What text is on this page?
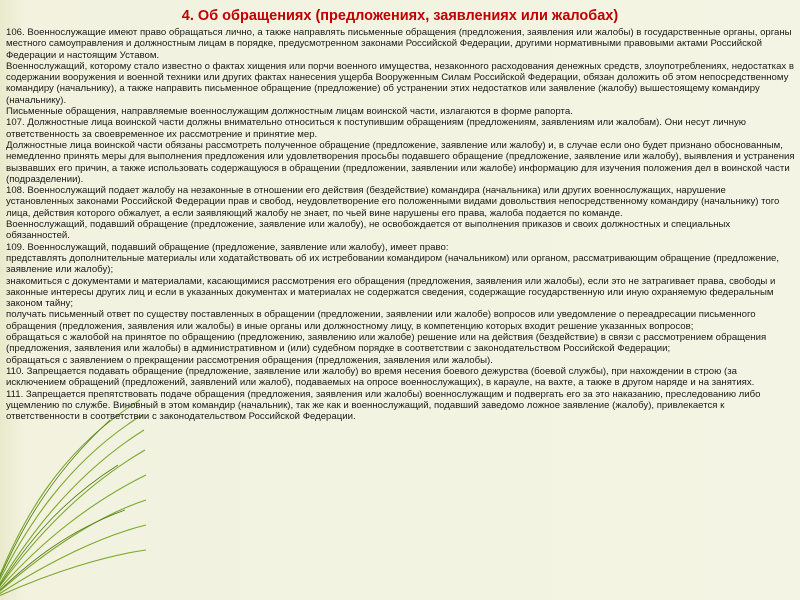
4. Об обращениях (предложениях, заявлениях или жалобах)

106. Военнослужащие имеют право обращаться лично, а также направлять письменные обращения (предложения, заявления или жалобы) в государственные органы, органы местного самоуправления и должностным лицам в порядке, предусмотренном законами Российской Федерации, другими нормативными правовыми актами Российской Федерации и настоящим Уставом.

Военнослужащий, которому стало известно о фактах хищения или порчи военного имущества, незаконного расходования денежных средств, злоупотреблениях, недостатках в содержании вооружения и военной техники или других фактах нанесения ущерба Вооруженным Силам Российской Федерации, обязан доложить об этом непосредственному командиру (начальнику), а также направить письменное обращение (предложение) об устранении этих недостатков или заявление (жалобу) вышестоящему командиру (начальнику).

Письменные обращения, направляемые военнослужащим должностным лицам воинской части, излагаются в форме рапорта.

107. Должностные лица воинской части должны внимательно относиться к поступившим обращениям (предложениям, заявлениям или жалобам). Они несут личную ответственность за своевременное их рассмотрение и принятие мер.

Должностные лица воинской части обязаны рассмотреть полученное обращение (предложение, заявление или жалобу) и, в случае если оно будет признано обоснованным, немедленно принять меры для выполнения предложения или удовлетворения просьбы подавшего обращение (предложение, заявление или жалобу), выявления и устранения вызвавших его причин, а также использовать содержащуюся в обращении (предложении, заявлении или жалобе) информацию для изучения положения дел в воинской части (подразделении).

108. Военнослужащий подает жалобу на незаконные в отношении его действия (бездействие) командира (начальника) или других военнослужащих, нарушение установленных законами Российской Федерации прав и свобод, неудовлетворение его положенными видами довольствия непосредственному командиру (начальнику) того лица, действия которого обжалует, а если заявляющий жалобу не знает, по чьей вине нарушены его права, жалоба подается по команде.

Военнослужащий, подавший обращение (предложение, заявление или жалобу), не освобождается от выполнения приказов и своих должностных и специальных обязанностей.

109. Военнослужащий, подавший обращение (предложение, заявление или жалобу), имеет право:

представлять дополнительные материалы или ходатайствовать об их истребовании командиром (начальником) или органом, рассматривающим обращение (предложение, заявление или жалобу);

знакомиться с документами и материалами, касающимися рассмотрения его обращения (предложения, заявления или жалобы), если это не затрагивает права, свободы и законные интересы других лиц и если в указанных документах и материалах не содержатся сведения, содержащие государственную или иную охраняемую федеральным законом тайну;

получать письменный ответ по существу поставленных в обращении (предложении, заявлении или жалобе) вопросов или уведомление о переадресации письменного обращения (предложения, заявления или жалобы) в иные органы или должностному лицу, в компетенцию которых входит решение указанных вопросов;

обращаться с жалобой на принятое по обращению (предложению, заявлению или жалобе) решение или на действия (бездействие) в связи с рассмотрением обращения (предложения, заявления или жалобы) в административном и (или) судебном порядке в соответствии с законодательством Российской Федерации;

обращаться с заявлением о прекращении рассмотрения обращения (предложения, заявления или жалобы).

110. Запрещается подавать обращение (предложение, заявление или жалобу) во время несения боевого дежурства (боевой службы), при нахождении в строю (за исключением обращений (предложений, заявлений или жалоб), подаваемых на опросе военнослужащих), в карауле, на вахте, а также в другом наряде и на занятиях.

111. Запрещается препятствовать подаче обращения (предложения, заявления или жалобы) военнослужащим и подвергать его за это наказанию, преследованию либо ущемлению по службе. Виновный в этом командир (начальник), так же как и военнослужащий, подавший заведомо ложное заявление (жалобу), привлекается к ответственности в соответствии с законодательством Российской Федерации.
